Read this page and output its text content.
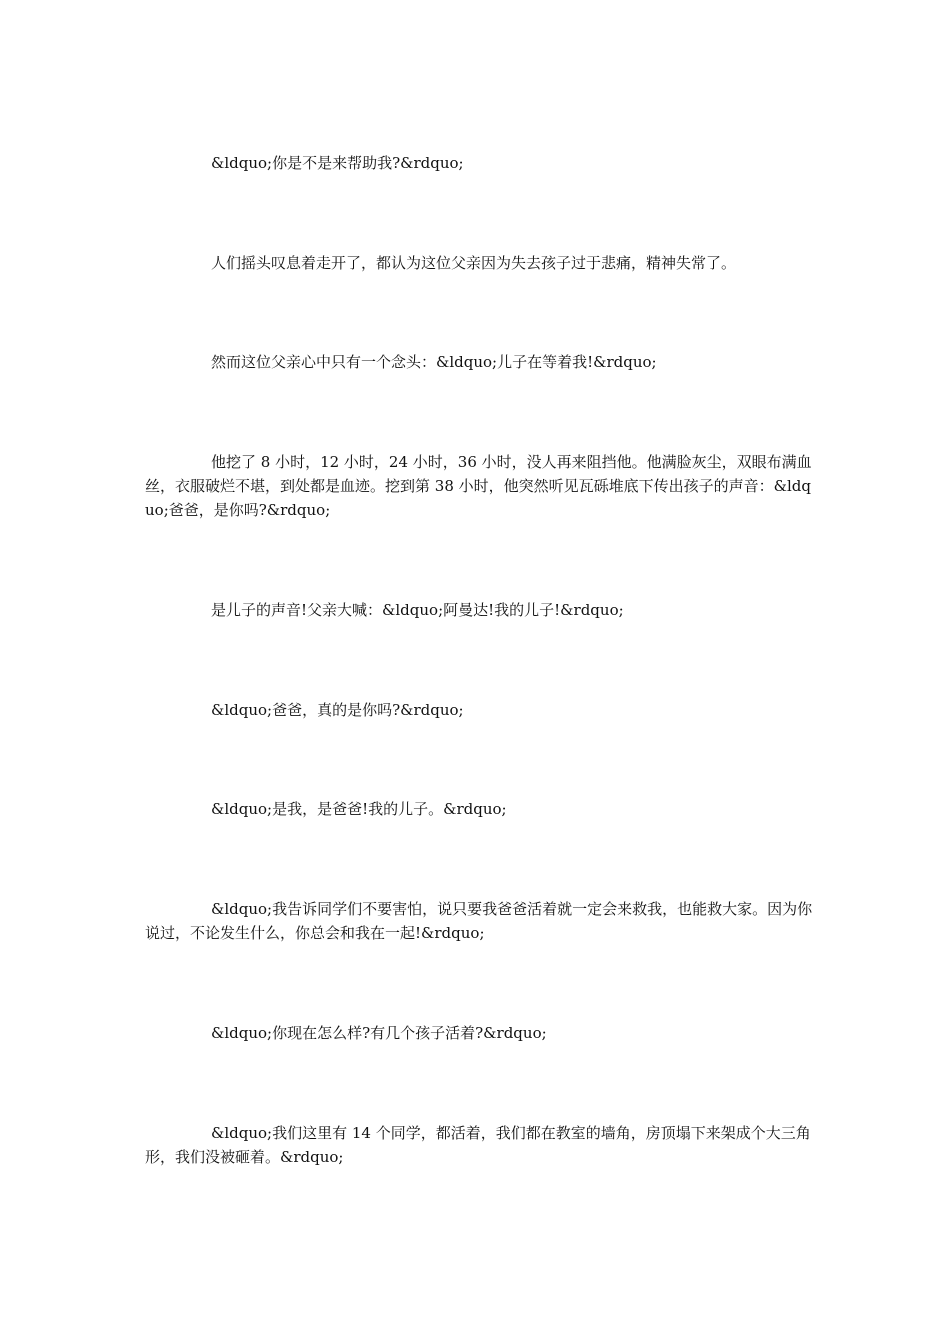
&ldquo;你是不是来帮助我?&rdquo;

人们摇头叹息着走开了，都认为这位父亲因为失去孩子过于悲痛，精神失常了。

然而这位父亲心中只有一个念头：&ldquo;儿子在等着我!&rdquo;

他挖了 8 小时，12 小时，24 小时，36 小时，没人再来阻挡他。他满脸灰尘，双眼布满血丝，衣服破烂不堪，到处都是血迹。挖到第 38 小时，他突然听见瓦砾堆底下传出孩子的声音：&ldquo;爸爸，是你吗?&rdquo;

是儿子的声音!父亲大喊：&ldquo;阿曼达!我的儿子!&rdquo;

&ldquo;爸爸，真的是你吗?&rdquo;

&ldquo;是我，是爸爸!我的儿子。&rdquo;

&ldquo;我告诉同学们不要害怕，说只要我爸爸活着就一定会来救我，也能救大家。因为你说过，不论发生什么，你总会和我在一起!&rdquo;

&ldquo;你现在怎么样?有几个孩子活着?&rdquo;

&ldquo;我们这里有 14 个同学，都活着，我们都在教室的墙角，房顶塌下来架成个大三角形，我们没被砸着。&rdquo;
